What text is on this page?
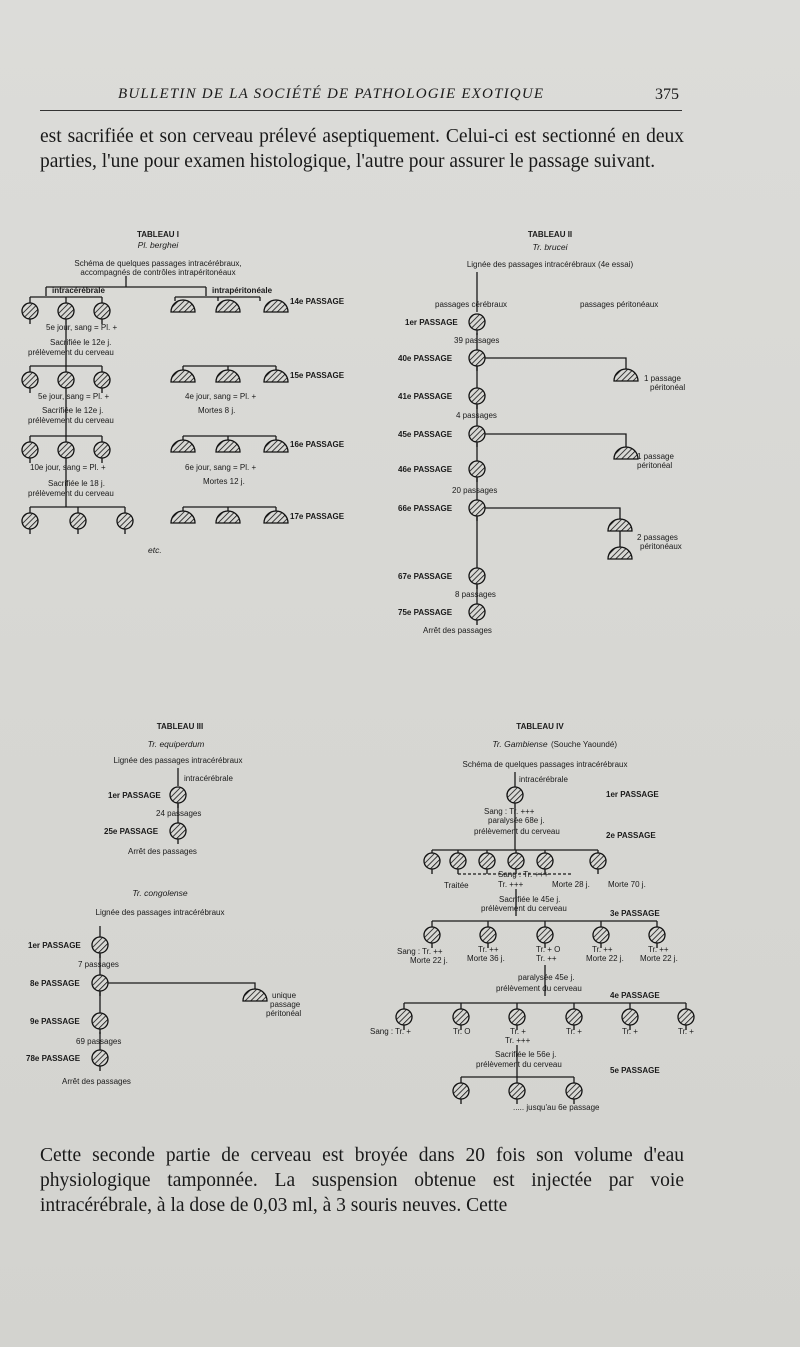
BULLETIN DE LA SOCIÉTÉ DE PATHOLOGIE EXOTIQUE	375
est sacrifiée et son cerveau prélevé aseptiquement. Celui-ci est sectionné en deux parties, l'une pour examen histologique, l'autre pour assurer le passage suivant.
TABLEAU I
Pl. berghei
Schéma de quelques passages intracérébraux,
accompagnés de contrôles intrapéritonéaux
intracérébrale	intrapéritonéale
14e PASSAGE
5e jour, sang = Pl. +
Sacrifiée le 12e j.
prélèvement du cerveau
15e PASSAGE
5e jour, sang = Pl. +	4e jour, sang = Pl. +
Mortes 8 j.
Sacrifiée le 12e j.
prélèvement du cerveau
16e PASSAGE
10e jour, sang = Pl. +	6e jour, sang = Pl. +
Mortes 12 j.
Sacrifiée le 18 j.
prélèvement du cerveau
17e PASSAGE
etc.
TABLEAU II
Tr. brucei
Lignée des passages intracérébraux (4e essai)
passages cérébraux	passages péritonéaux
1er PASSAGE
39 passages
40e PASSAGE
1 passage
péritonéal
41e PASSAGE
4 passages
45e PASSAGE
1 passage
péritonéal
46e PASSAGE
20 passages
66e PASSAGE
2 passages
péritonéaux
67e PASSAGE
8 passages
75e PASSAGE
Arrêt des passages
TABLEAU III
Tr. equiperdum
Lignée des passages intracérébraux
intracérébrale
1er PASSAGE
24 passages
25e PASSAGE
Arrêt des passages
Tr. congolense
Lignée des passages intracérébraux
1er PASSAGE
7 passages
8e PASSAGE
unique
passage
péritonéal
9e PASSAGE
69 passages
78e PASSAGE
Arrêt des passages
TABLEAU IV
Tr. Gambiense (Souche Yaoundé)
Schéma de quelques passages intracérébraux
intracérébrale
1er PASSAGE
Sang : Tr. +++
paralysée 68e j.
prélèvement du cerveau	2e PASSAGE
Sang : Tr. +++
Traitée	Tr. +++	Morte 28 j. Morte 70 j.
Sacrifiée le 45e j.
prélèvement du cerveau
3e PASSAGE
Sang : Tr. ++
Morte 22 j.
Tr. ++
Morte 36 j.
Tr. + O
Tr. ++
Tr. ++
Morte 22 j.
Tr. ++
Morte 22 j.
paralysée 45e j.
prélèvement du cerveau
4e PASSAGE
Sang : Tr. +	Tr. O	Tr. +
Tr. +++
Tr. +	Tr. +	Tr. +
Sacrifiée le 56e j.
prélèvement du cerveau
5e PASSAGE
..... jusqu'au 6e passage
Cette seconde partie de cerveau est broyée dans 20 fois son volume d'eau physiologique tamponnée. La suspension obtenue est injectée par voie intracérébrale, à la dose de 0,03 ml, à 3 souris neuves. Cette
